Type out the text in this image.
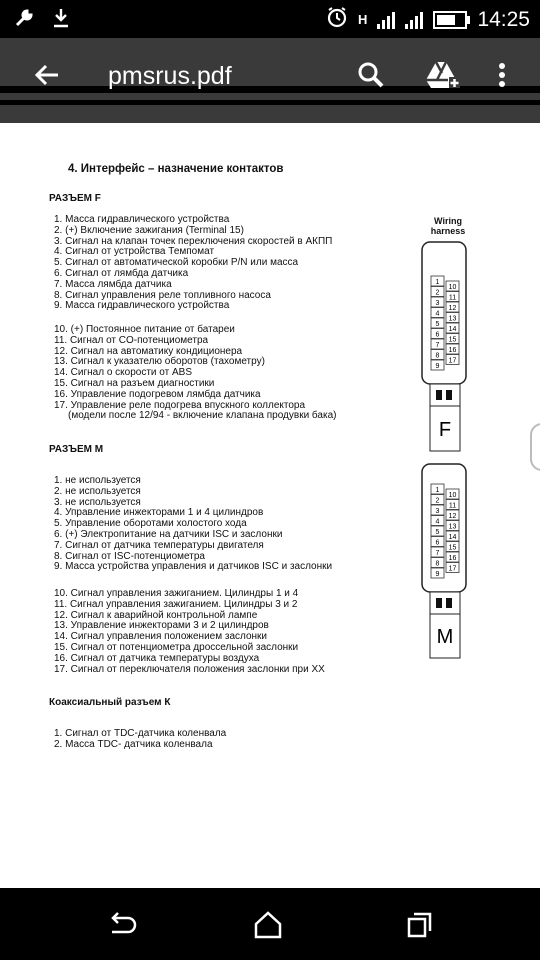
H	14:25
pmsrus.pdf
4. Интерфейс – назначение контактов
РАЗЪЕМ F
1. Масса гидравлического устройства
2. (+) Включение зажигания (Terminal 15)
3. Сигнал на клапан точек переключения скоростей в АКПП
4. Сигнал от устройства Темпомат
5. Сигнал от автоматической коробки P/N или масса
6. Сигнал от лямбда датчика
7. Масса лямбда датчика
8. Сигнал управления реле топливного насоса
9. Масса гидравлического устройства
10. (+) Постоянное питание от батареи
11. Сигнал от CO-потенциометра
12. Сигнал на автоматику кондиционера
13. Сигнал к указателю оборотов (тахометру)
14. Сигнал о скорости от ABS
15. Сигнал на разъем диагностики
16. Управление подогревом лямбда датчика
17. Управление реле подогрева впускного коллектора
(модели после 12/94 - включение клапана продувки бака)
РАЗЪЕМ M
1. не используется
2. не используется
3. не используется
4. Управление инжекторами 1 и 4 цилиндров
5. Управление оборотами холостого хода
6. (+) Электропитание на датчики ISC и заслонки
7. Сигнал от датчика температуры двигателя
8. Сигнал от ISC-потенциометра
9. Масса устройства управления и датчиков ISC и заслонки
10. Сигнал управления зажиганием. Цилиндры 1 и 4
11. Сигнал управления зажиганием. Цилиндры 3 и 2
12. Сигнал к аварийной контрольной лампе
13. Управление инжекторами 3 и 2 цилиндров
14. Сигнал управления положением заслонки
15. Сигнал от потенциометра дроссельной заслонки
16. Сигнал от датчика температуры воздуха
17. Сигнал от переключателя положения заслонки при XX
Коаксиальный разъем К
1. Сигнал от TDC-датчика коленвала
2. Масса TDC- датчика коленвала
Wiring
harness
1
2
3
4
5
6
7
8
9
10
11
12
13
14
15
16
17
F
1
2
3
4
5
6
7
8
9
10
11
12
13
14
15
16
17
M
